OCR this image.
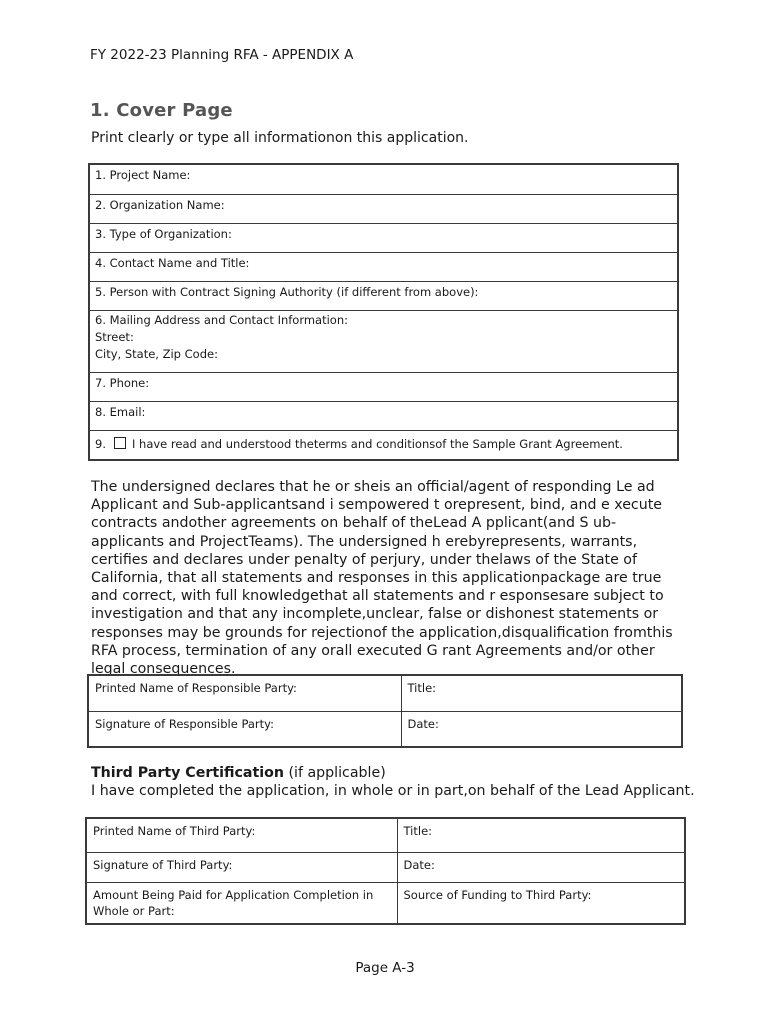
FY 2022-23 Planning RFA - APPENDIX A
1. Cover Page
Print clearly or type all informationon this application.
1. Project Name:
2. Organization Name:
3. Type of Organization:
4. Contact Name and Title:
5. Person with Contract Signing Authority (if different from above):
6. Mailing Address and Contact Information:
Street:
City, State, Zip Code:
7. Phone:
8. Email:
9. I have read and understood theterms and conditionsof the Sample Grant Agreement.
The undersigned declares that he or sheis an official/agent of responding Le ad Applicant and Sub-applicantsand i sempowered t orepresent, bind, and e xecute contracts andother agreements on behalf of theLead A pplicant(and S ub-applicants and ProjectTeams). The undersigned h erebyrepresents, warrants, certifies and declares under penalty of perjury, under thelaws of the State of California, that all statements and responses in this applicationpackage are true and correct, with full knowledgethat all statements and r esponsesare subject to investigation and that any incomplete,unclear, false or dishonest statements or responses may be grounds for rejectionof the application,disqualification fromthis RFA process, termination of any orall executed G rant Agreements and/or other legal consequences.
Printed Name of Responsible Party:	Title:
Signature of Responsible Party:	Date:
Third Party Certification (if applicable)
I have completed the application, in whole or in part,on behalf of the Lead Applicant.
Printed Name of Third Party:	Title:
Signature of Third Party:	Date:
Amount Being Paid for Application Completion in Whole or Part:	Source of Funding to Third Party:
Page A-3
